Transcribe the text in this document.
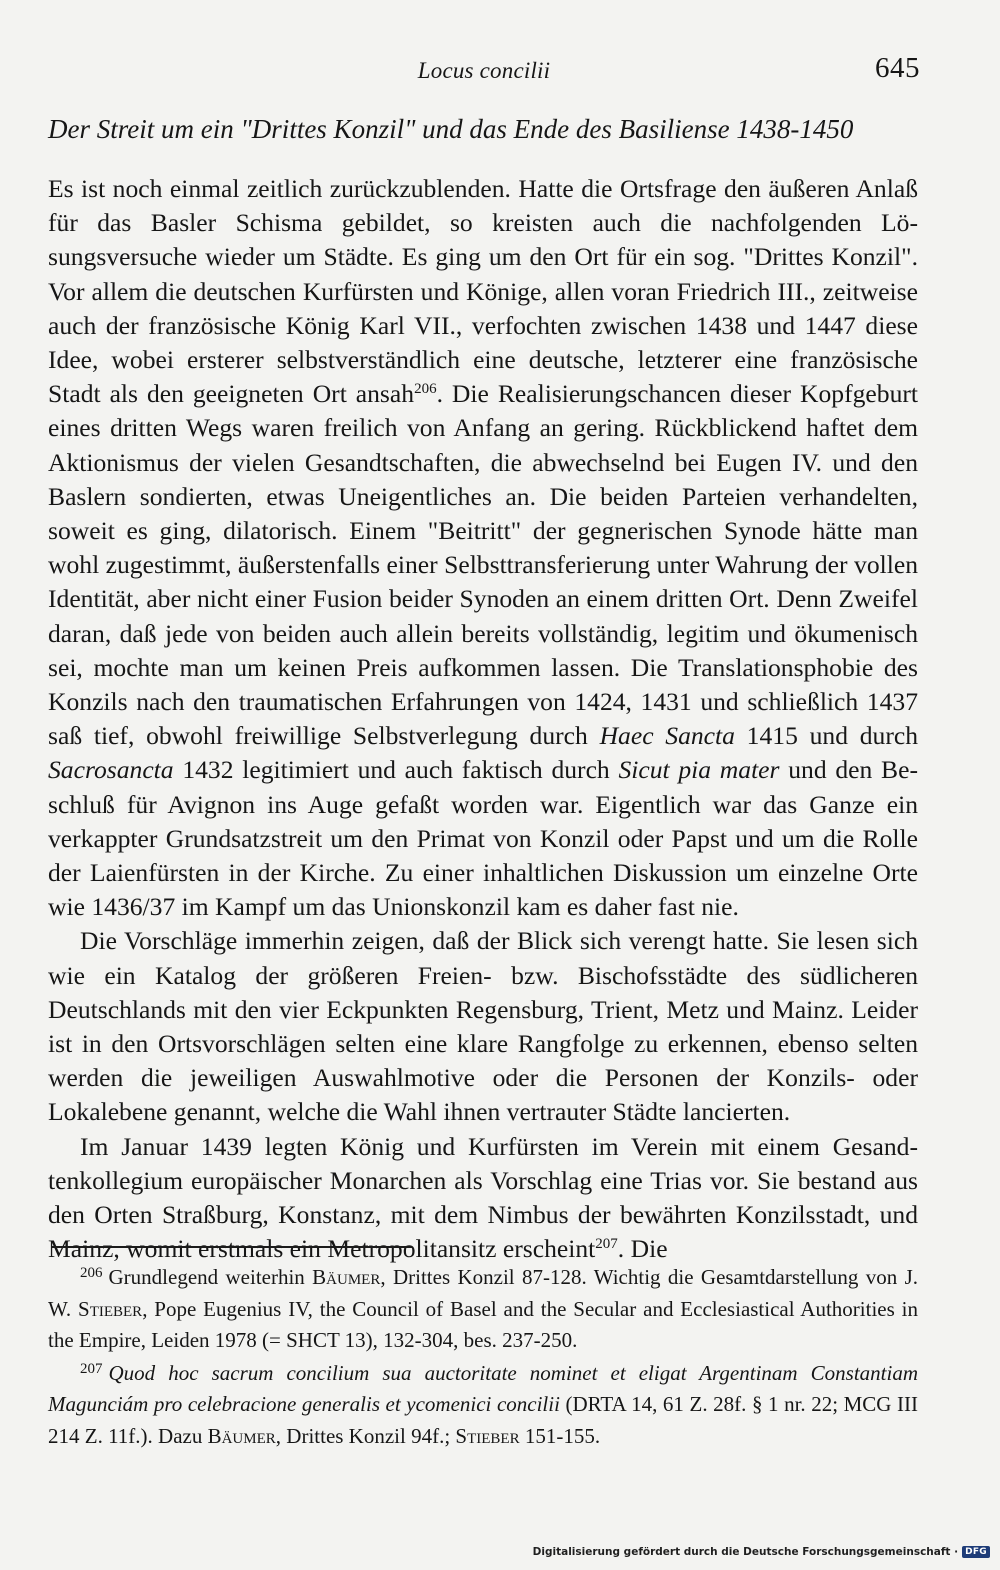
Locus concilii	645
Der Streit um ein "Drittes Konzil" und das Ende des Basiliense 1438-1450

Es ist noch einmal zeitlich zurückzublenden. Hatte die Ortsfrage den äußeren Anlaß für das Basler Schisma gebildet, so kreisten auch die nachfolgenden Lösungsversuche wieder um Städte. Es ging um den Ort für ein sog. "Drittes Konzil". Vor allem die deutschen Kurfürsten und Könige, allen voran Friedrich III., zeitweise auch der französische König Karl VII., verfochten zwischen 1438 und 1447 diese Idee, wobei ersterer selbstverständlich eine deutsche, letzterer eine französische Stadt als den geeigneten Ort ansah$^{206}$. Die Realisierungschancen dieser Kopfgeburt eines dritten Wegs waren freilich von Anfang an gering. Rückblickend haftet dem Aktionismus der vielen Gesandtschaften, die abwechselnd bei Eugen IV. und den Baslern sondierten, etwas Uneigentliches an. Die beiden Parteien verhandelten, soweit es ging, dilatorisch. Einem "Beitritt" der gegnerischen Synode hätte man wohl zugestimmt, äußerstenfalls einer Selbsttransferierung unter Wahrung der vollen Identität, aber nicht einer Fusion beider Synoden an einem dritten Ort. Denn Zweifel daran, daß jede von beiden auch allein bereits vollständig, legitim und ökumenisch sei, mochte man um keinen Preis aufkommen lassen. Die Translationsphobie des Konzils nach den traumatischen Erfahrungen von 1424, 1431 und schließlich 1437 saß tief, obwohl freiwillige Selbstverlegung durch Haec Sancta 1415 und durch Sacrosancta 1432 legitimiert und auch faktisch durch Sicut pia mater und den Beschluß für Avignon ins Auge gefaßt worden war. Eigentlich war das Ganze ein verkappter Grundsatzstreit um den Primat von Konzil oder Papst und um die Rolle der Laienfürsten in der Kirche. Zu einer inhaltlichen Diskussion um einzelne Orte wie 1436/37 im Kampf um das Unionskonzil kam es daher fast nie.

Die Vorschläge immerhin zeigen, daß der Blick sich verengt hatte. Sie lesen sich wie ein Katalog der größeren Freien- bzw. Bischofsstädte des südlicheren Deutschlands mit den vier Eckpunkten Regensburg, Trient, Metz und Mainz. Leider ist in den Ortsvorschlägen selten eine klare Rangfolge zu erkennen, ebenso selten werden die jeweiligen Auswahlmotive oder die Personen der Konzils- oder Lokalebene genannt, welche die Wahl ihnen vertrauter Städte lancierten.

Im Januar 1439 legten König und Kurfürsten im Verein mit einem Gesandtenkollegium europäischer Monarchen als Vorschlag eine Trias vor. Sie bestand aus den Orten Straßburg, Konstanz, mit dem Nimbus der bewährten Konzilsstadt, und Mainz, womit erstmals ein Metropolitansitz erscheint$^{207}$. Die

$^{206}$ Grundlegend weiterhin Bäumer, Drittes Konzil 87-128. Wichtig die Gesamtdarstellung von J. W. Stieber, Pope Eugenius IV, the Council of Basel and the Secular and Ecclesiastical Authorities in the Empire, Leiden 1978 (= SHCT 13), 132-304, bes. 237-250.

$^{207}$ Quod hoc sacrum concilium sua auctoritate nominet et eligat Argentinam Constantiam Magunciám pro celebracione generalis et ycomenici concilii (DRTA 14, 61 Z. 28f. § 1 nr. 22; MCG III 214 Z. 11f.). Dazu Bäumer, Drittes Konzil 94f.; Stieber 151-155.

Digitalisierung gefördert durch die Deutsche Forschungsgemeinschaft · DFG
